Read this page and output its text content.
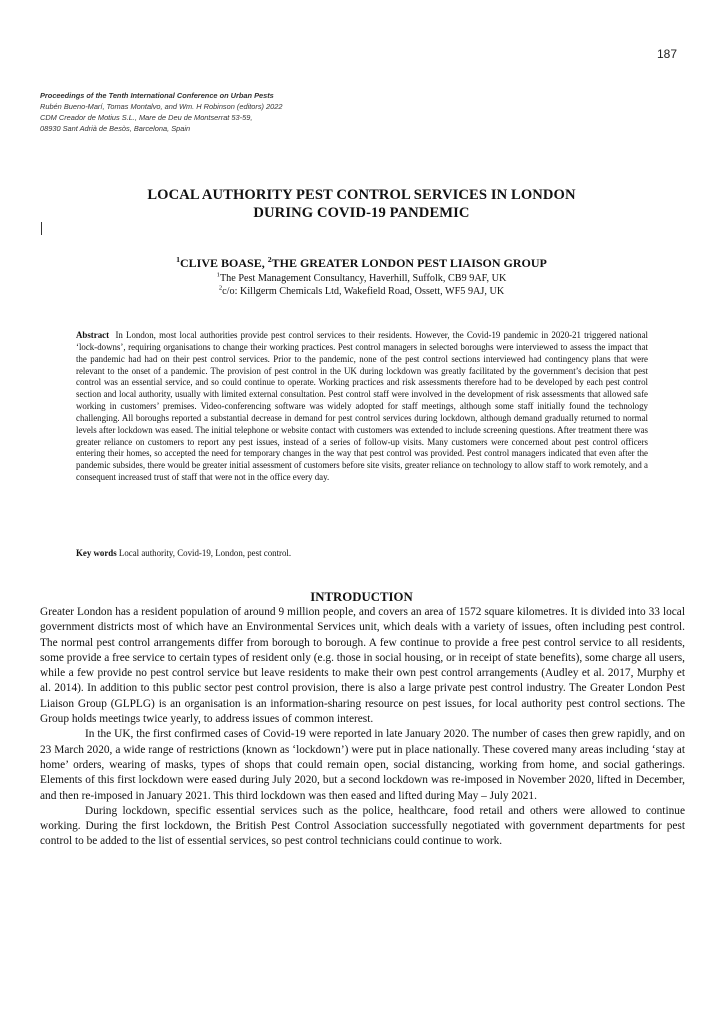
187
Proceedings of the Tenth International Conference on Urban Pests
Rubén Bueno-Marí, Tomas Montalvo, and Wm. H Robinson (editors) 2022
CDM Creador de Motius S.L., Mare de Deu de Montserrat 53-59,
08930 Sant Adrià de Besòs, Barcelona, Spain
LOCAL AUTHORITY PEST CONTROL SERVICES IN LONDON
DURING COVID-19 PANDEMIC
$^1$CLIVE BOASE, $^2$THE GREATER LONDON PEST LIAISON GROUP
$^1$The Pest Management Consultancy, Haverhill, Suffolk, CB9 9AF, UK
$^2$c/o: Killgerm Chemicals Ltd, Wakefield Road, Ossett, WF5 9AJ, UK
Abstract In London, most local authorities provide pest control services to their residents. However, the Covid-19 pandemic in 2020-21 triggered national ‘lock-downs’, requiring organisations to change their working practices. Pest control managers in selected boroughs were interviewed to assess the impact that the pandemic had had on their pest control services. Prior to the pandemic, none of the pest control sections interviewed had contingency plans that were relevant to the onset of a pandemic. The provision of pest control in the UK during lockdown was greatly facilitated by the government’s decision that pest control was an essential service, and so could continue to operate. Working practices and risk assessments therefore had to be developed by each pest control section and local authority, usually with limited external consultation. Pest control staff were involved in the development of risk assessments that allowed safe working in customers’ premises. Video-conferencing software was widely adopted for staff meetings, although some staff initially found the technology challenging. All boroughs reported a substantial decrease in demand for pest control services during lockdown, although demand gradually returned to normal levels after lockdown was eased. The initial telephone or website contact with customers was extended to include screening questions. After treatment there was greater reliance on customers to report any pest issues, instead of a series of follow-up visits. Many customers were concerned about pest control officers entering their homes, so accepted the need for temporary changes in the way that pest control was provided. Pest control managers indicated that even after the pandemic subsides, there would be greater initial assessment of customers before site visits, greater reliance on technology to allow staff to work remotely, and a consequent increased trust of staff that were not in the office every day.
Key words Local authority, Covid-19, London, pest control.
INTRODUCTION

Greater London has a resident population of around 9 million people, and covers an area of 1572 square kilometres. It is divided into 33 local government districts most of which have an Environmental Services unit, which deals with a variety of issues, often including pest control. The normal pest control arrangements differ from borough to borough. A few continue to provide a free pest control service to all residents, some provide a free service to certain types of resident only (e.g. those in social housing, or in receipt of state benefits), some charge all users, while a few provide no pest control service but leave residents to make their own pest control arrangements (Audley et al. 2017, Murphy et al. 2014). In addition to this public sector pest control provision, there is also a large private pest control industry. The Greater London Pest Liaison Group (GLPLG) is an organisation is an information-sharing resource on pest issues, for local authority pest control sections. The Group holds meetings twice yearly, to address issues of common interest.

In the UK, the first confirmed cases of Covid-19 were reported in late January 2020. The number of cases then grew rapidly, and on 23 March 2020, a wide range of restrictions (known as ‘lockdown’) were put in place nationally. These covered many areas including ‘stay at home’ orders, wearing of masks, types of shops that could remain open, social distancing, working from home, and social gatherings. Elements of this first lockdown were eased during July 2020, but a second lockdown was re-imposed in November 2020, lifted in December, and then re-imposed in January 2021. This third lockdown was then eased and lifted during May – July 2021.

During lockdown, specific essential services such as the police, healthcare, food retail and others were allowed to continue working. During the first lockdown, the British Pest Control Association successfully negotiated with government departments for pest control to be added to the list of essential services, so pest control technicians could continue to work.
